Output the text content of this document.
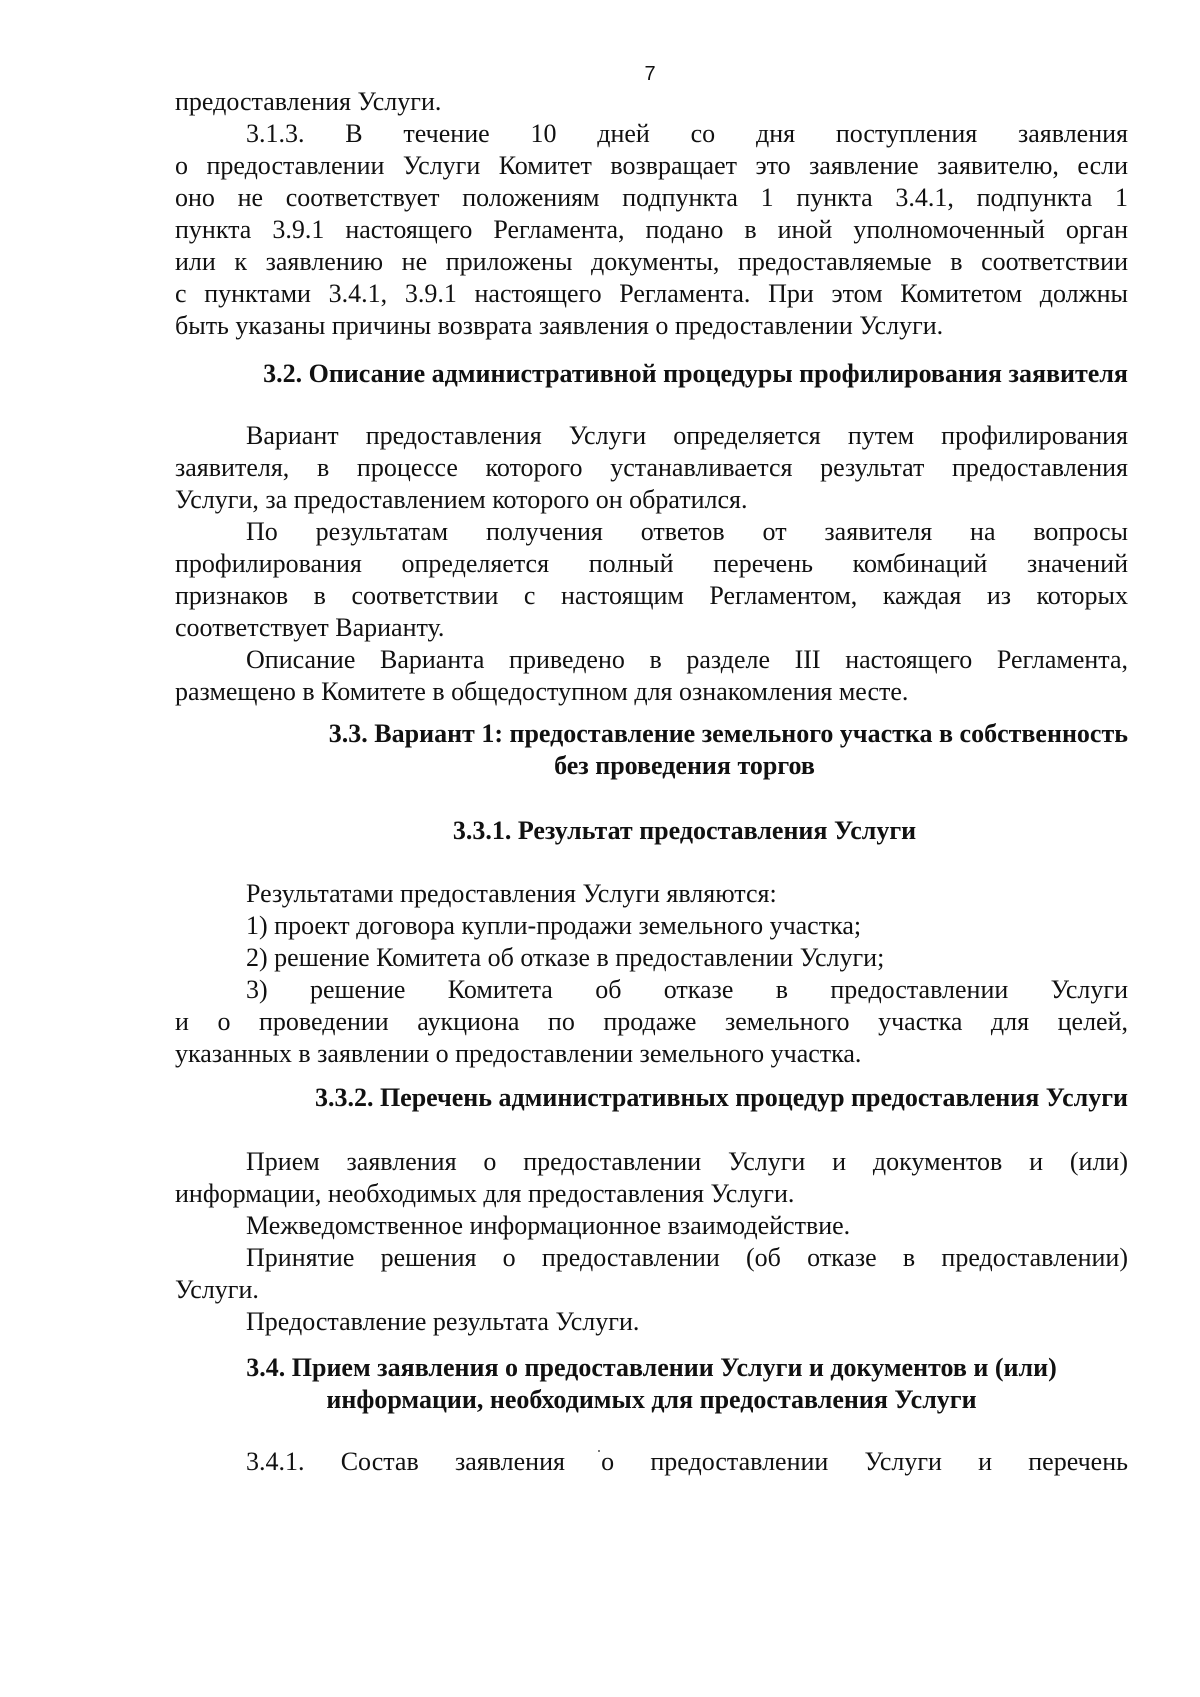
7

предоставления Услуги.

3.1.3. В течение 10 дней со дня поступления заявления

о предоставлении Услуги Комитет возвращает это заявление заявителю, если

оно не соответствует положениям подпункта 1 пункта 3.4.1, подпункта 1

пункта 3.9.1 настоящего Регламента, подано в иной уполномоченный орган

или к заявлению не приложены документы, предоставляемые в соответствии

с пунктами 3.4.1, 3.9.1 настоящего Регламента. При этом Комитетом должны

быть указаны причины возврата заявления о предоставлении Услуги.

3.2. Описание административной процедуры профилирования заявителя

Вариант предоставления Услуги определяется путем профилирования

заявителя, в процессе которого устанавливается результат предоставления

Услуги, за предоставлением которого он обратился.

По результатам получения ответов от заявителя на вопросы

профилирования определяется полный перечень комбинаций значений

признаков в соответствии с настоящим Регламентом, каждая из которых

соответствует Варианту.

Описание Варианта приведено в разделе III настоящего Регламента,

размещено в Комитете в общедоступном для ознакомления месте.

3.3. Вариант 1: предоставление земельного участка в собственность

без проведения торгов

3.3.1. Результат предоставления Услуги

Результатами предоставления Услуги являются:

1) проект договора купли-продажи земельного участка;

2) решение Комитета об отказе в предоставлении Услуги;

3) решение Комитета об отказе в предоставлении Услуги

и о проведении аукциона по продаже земельного участка для целей,

указанных в заявлении о предоставлении земельного участка.

3.3.2. Перечень административных процедур предоставления Услуги

Прием заявления о предоставлении Услуги и документов и (или)

информации, необходимых для предоставления Услуги.

Межведомственное информационное взаимодействие.

Принятие решения о предоставлении (об отказе в предоставлении)

Услуги.

Предоставление результата Услуги.

3.4. Прием заявления о предоставлении Услуги и документов и (или)

информации, необходимых для предоставления Услуги

3.4.1. Состав заявления о предоставлении Услуги и перечень
